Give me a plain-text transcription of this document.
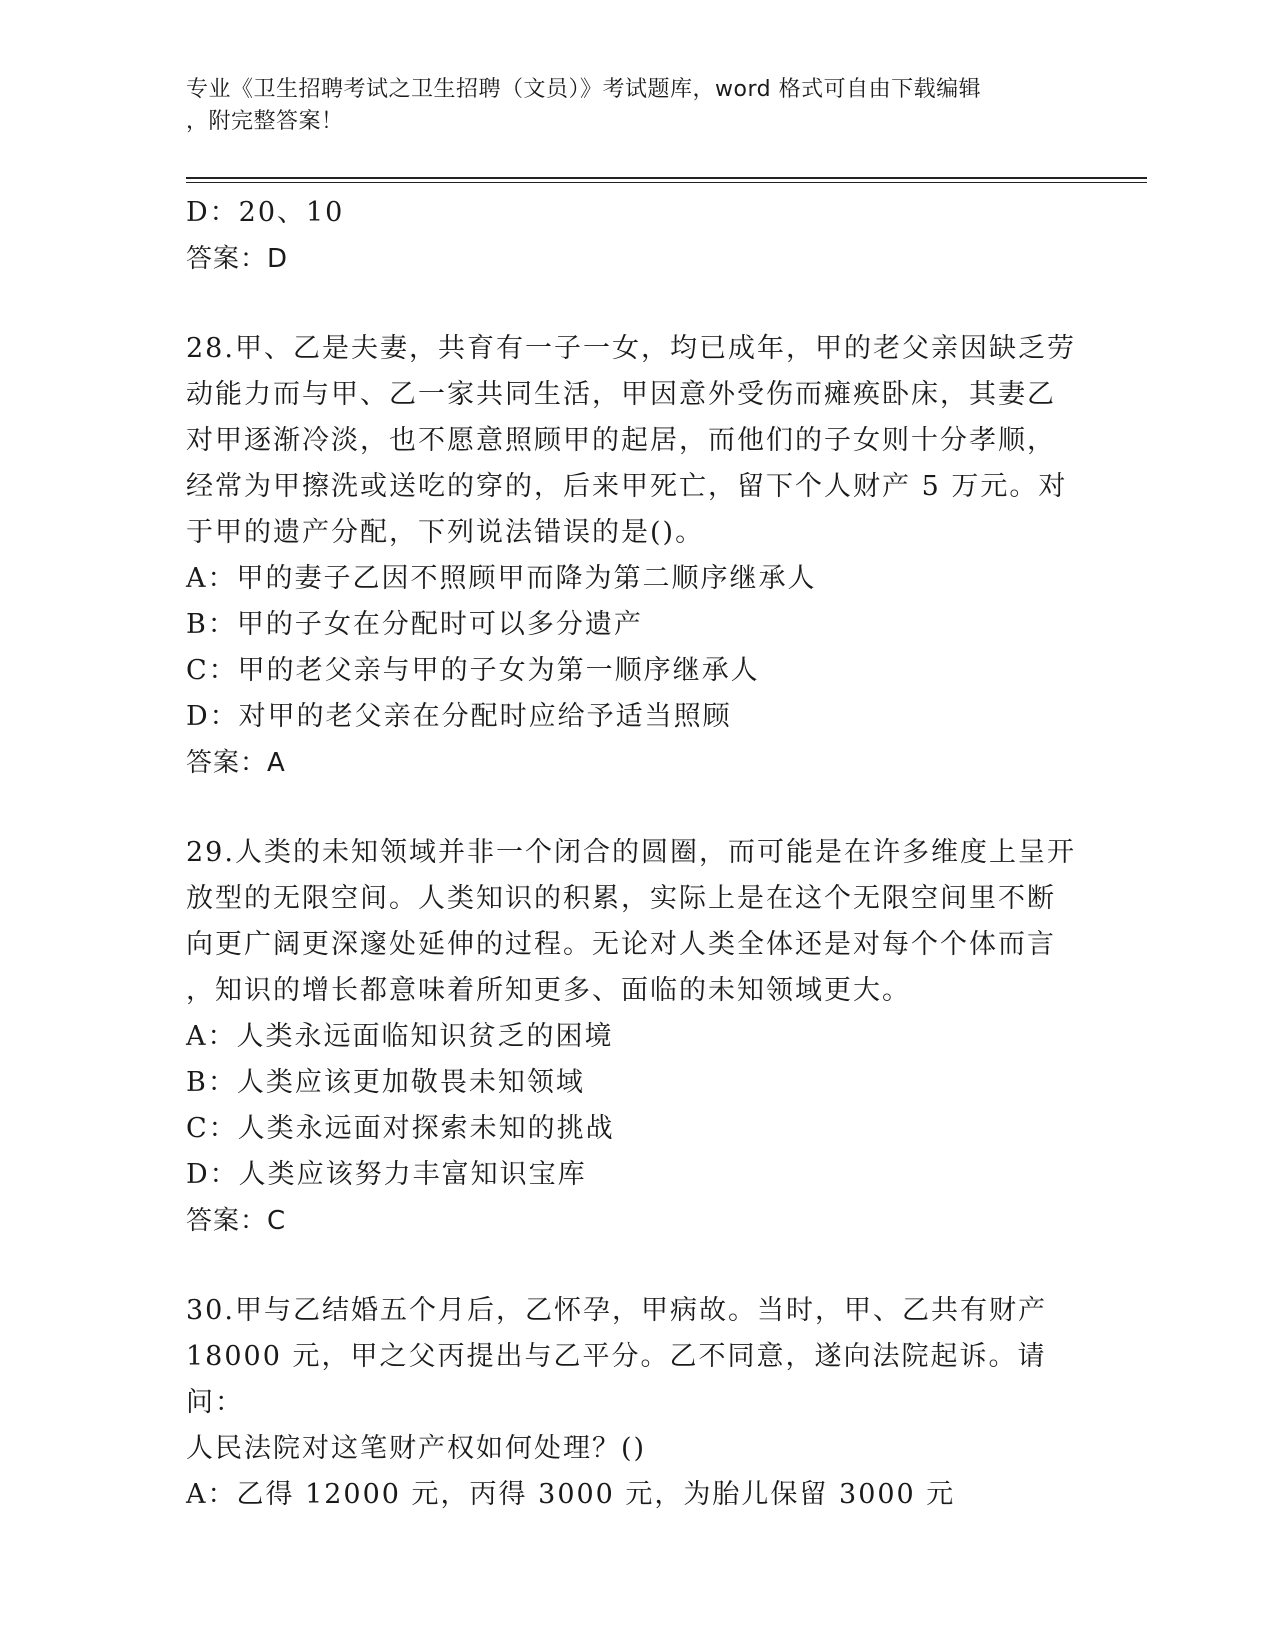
专业《卫生招聘考试之卫生招聘（文员）》考试题库，word 格式可自由下载编辑
，附完整答案！
D：20、10
答案：D
28.甲、乙是夫妻，共育有一子一女，均已成年，甲的老父亲因缺乏劳
动能力而与甲、乙一家共同生活，甲因意外受伤而瘫痪卧床，其妻乙
对甲逐渐冷淡，也不愿意照顾甲的起居，而他们的子女则十分孝顺，
经常为甲擦洗或送吃的穿的，后来甲死亡，留下个人财产 5 万元。对
于甲的遗产分配，下列说法错误的是()。
A：甲的妻子乙因不照顾甲而降为第二顺序继承人
B：甲的子女在分配时可以多分遗产
C：甲的老父亲与甲的子女为第一顺序继承人
D：对甲的老父亲在分配时应给予适当照顾
答案：A
29.人类的未知领域并非一个闭合的圆圈，而可能是在许多维度上呈开
放型的无限空间。人类知识的积累，实际上是在这个无限空间里不断
向更广阔更深邃处延伸的过程。无论对人类全体还是对每个个体而言
，知识的增长都意味着所知更多、面临的未知领域更大。
A：人类永远面临知识贫乏的困境
B：人类应该更加敬畏未知领域
C：人类永远面对探索未知的挑战
D：人类应该努力丰富知识宝库
答案：C
30.甲与乙结婚五个月后，乙怀孕，甲病故。当时，甲、乙共有财产
18000 元，甲之父丙提出与乙平分。乙不同意，遂向法院起诉。请问：
人民法院对这笔财产权如何处理？()
A：乙得 12000 元，丙得 3000 元，为胎儿保留 3000 元
